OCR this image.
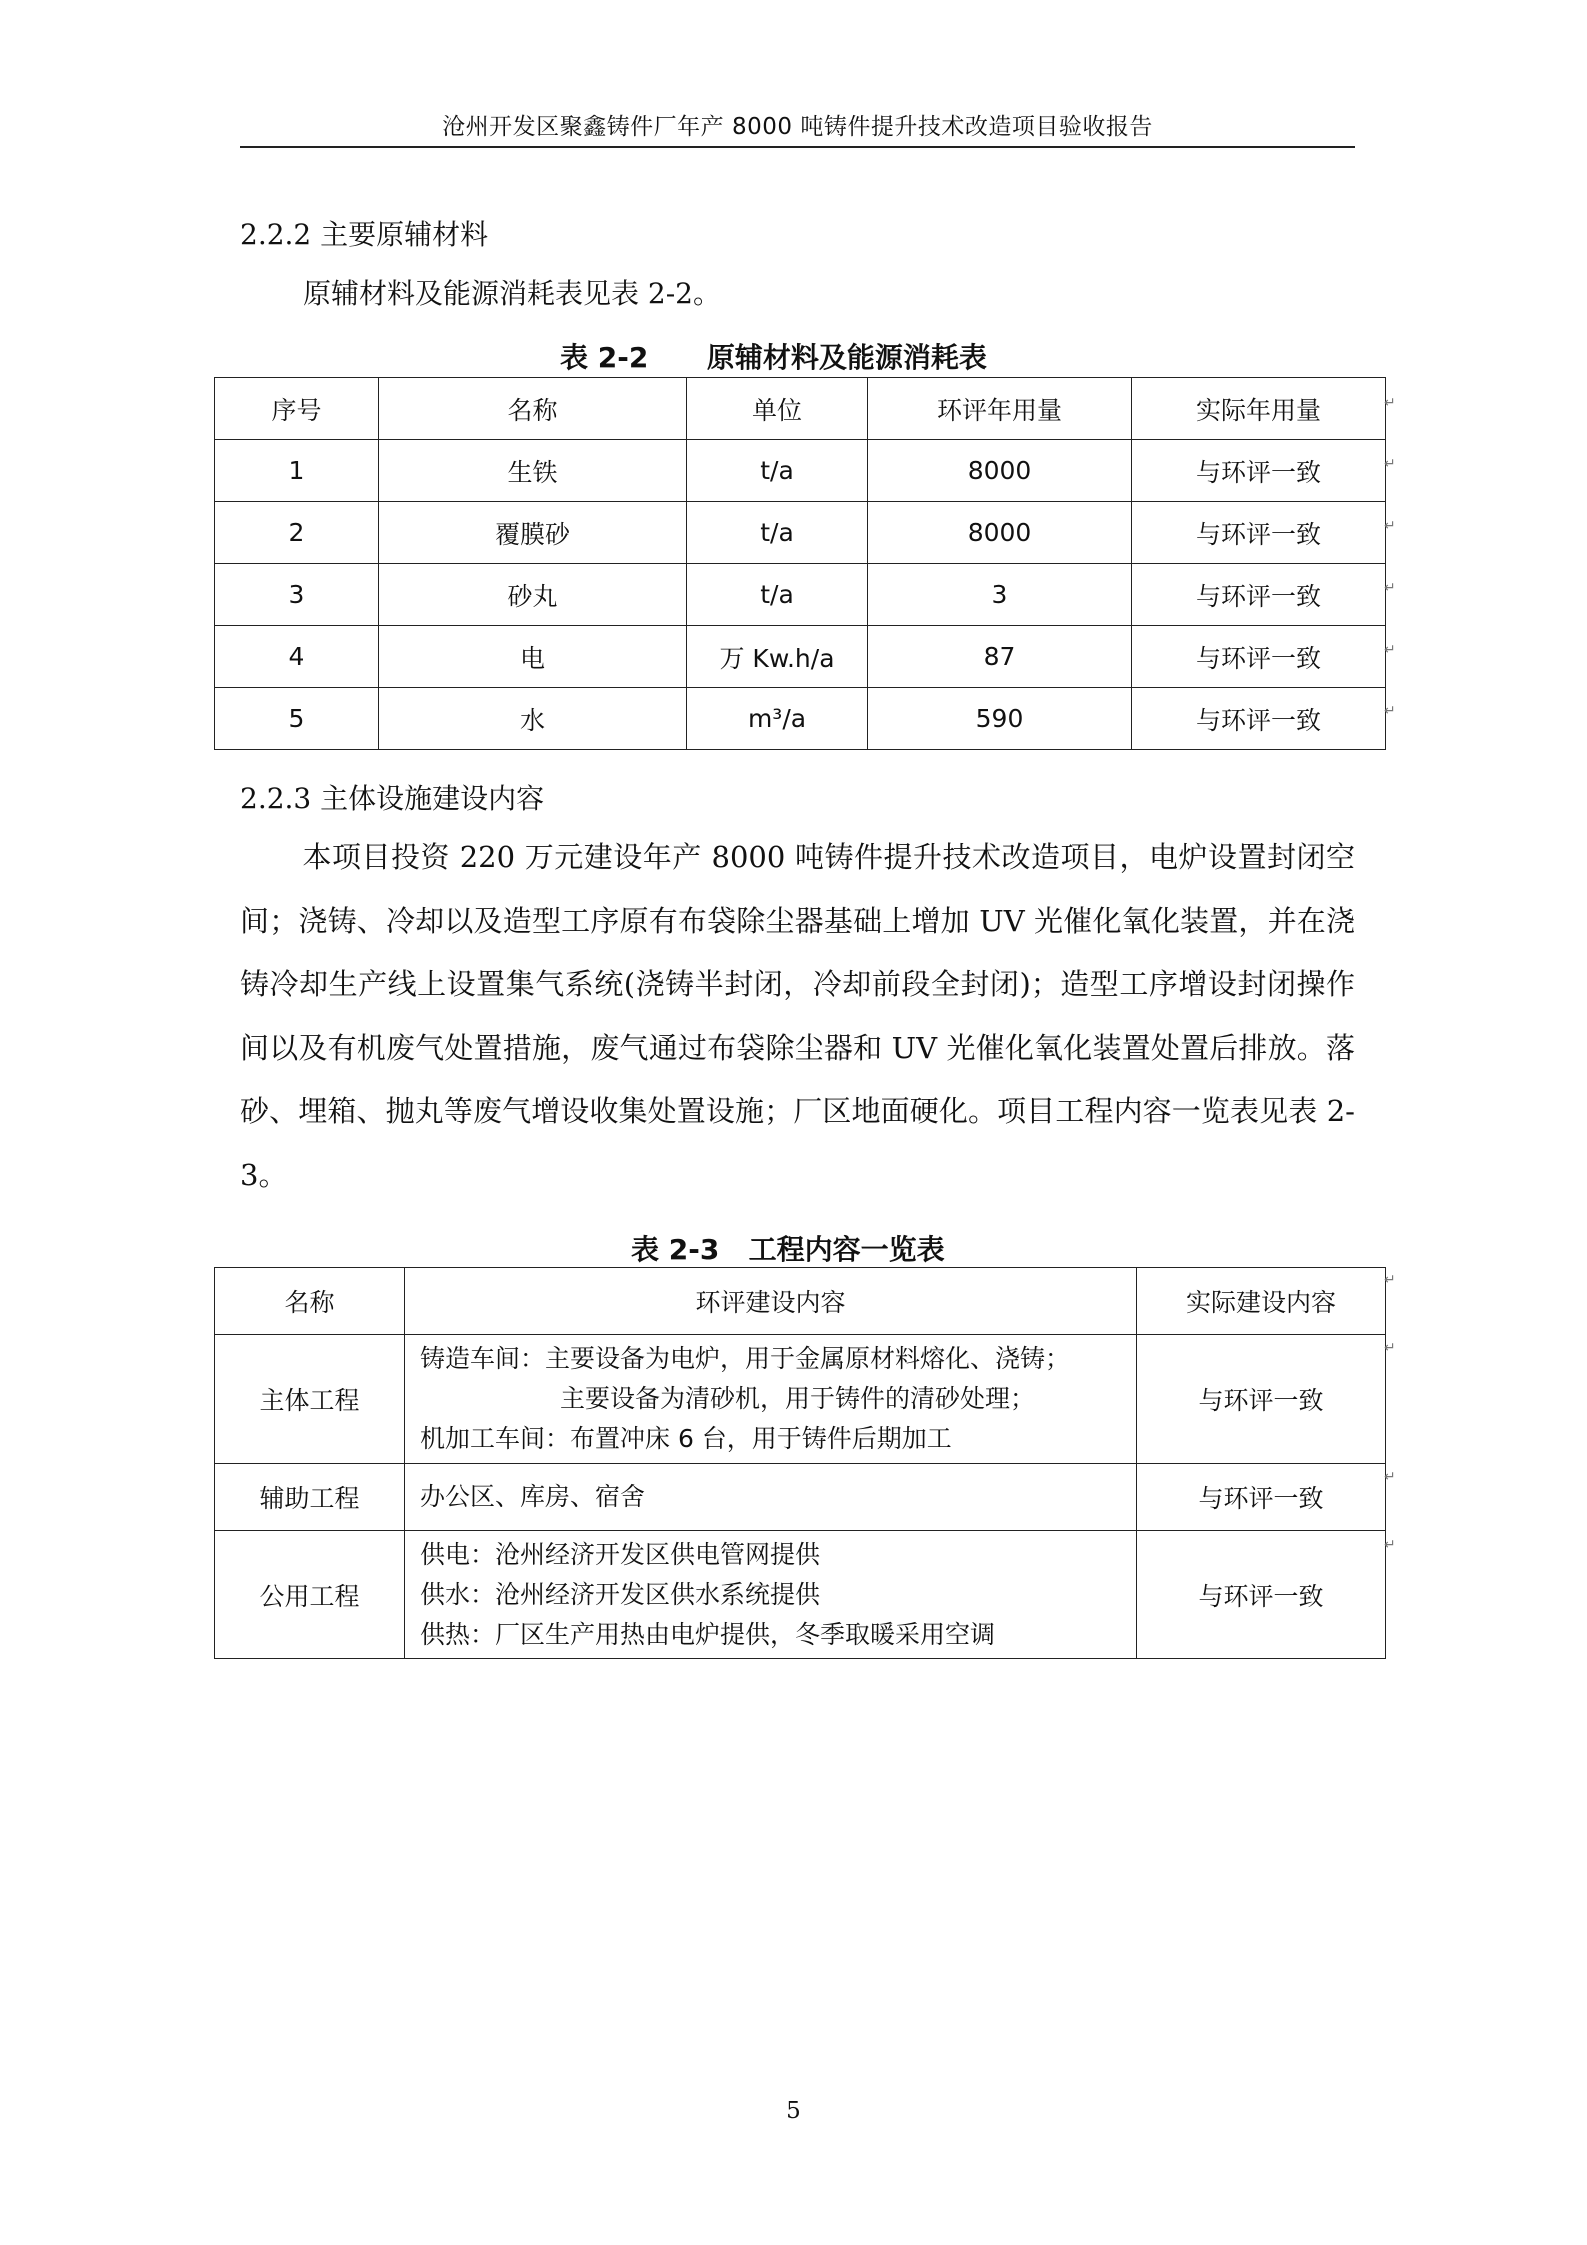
沧州开发区聚鑫铸件厂年产 8000 吨铸件提升技术改造项目验收报告
2.2.2 主要原辅材料
原辅材料及能源消耗表见表 2-2。
表 2-2 原辅材料及能源消耗表
序号	名称	单位	环评年用量	实际年用量
1	生铁	t/a	8000	与环评一致
2	覆膜砂	t/a	8000	与环评一致
3	砂丸	t/a	3	与环评一致
4	电	万 Kw.h/a	87	与环评一致
5	水	m³/a	590	与环评一致
↵
↵
↵
↵
↵
↵
2.2.3 主体设施建设内容
本项目投资 220 万元建设年产 8000 吨铸件提升技术改造项目，电炉设置封闭空间；浇铸、冷却以及造型工序原有布袋除尘器基础上增加 UV 光催化氧化装置，并在浇铸冷却生产线上设置集气系统(浇铸半封闭，冷却前段全封闭)；造型工序增设封闭操作间以及有机废气处置措施，废气通过布袋除尘器和 UV 光催化氧化装置处置后排放。落砂、埋箱、抛丸等废气增设收集处置设施；厂区地面硬化。项目工程内容一览表见表 2-3。
表 2-3 工程内容一览表
名称	环评建设内容	实际建设内容
主体工程	铸造车间：主要设备为电炉，用于金属原材料熔化、浇铸；
主要设备为清砂机，用于铸件的清砂处理；
机加工车间：布置冲床 6 台，用于铸件后期加工	与环评一致
辅助工程	办公区、库房、宿舍	与环评一致
公用工程	供电：沧州经济开发区供电管网提供
供水：沧州经济开发区供水系统提供
供热：厂区生产用热由电炉提供，冬季取暖采用空调	与环评一致
↵
↵
↵
↵
5
